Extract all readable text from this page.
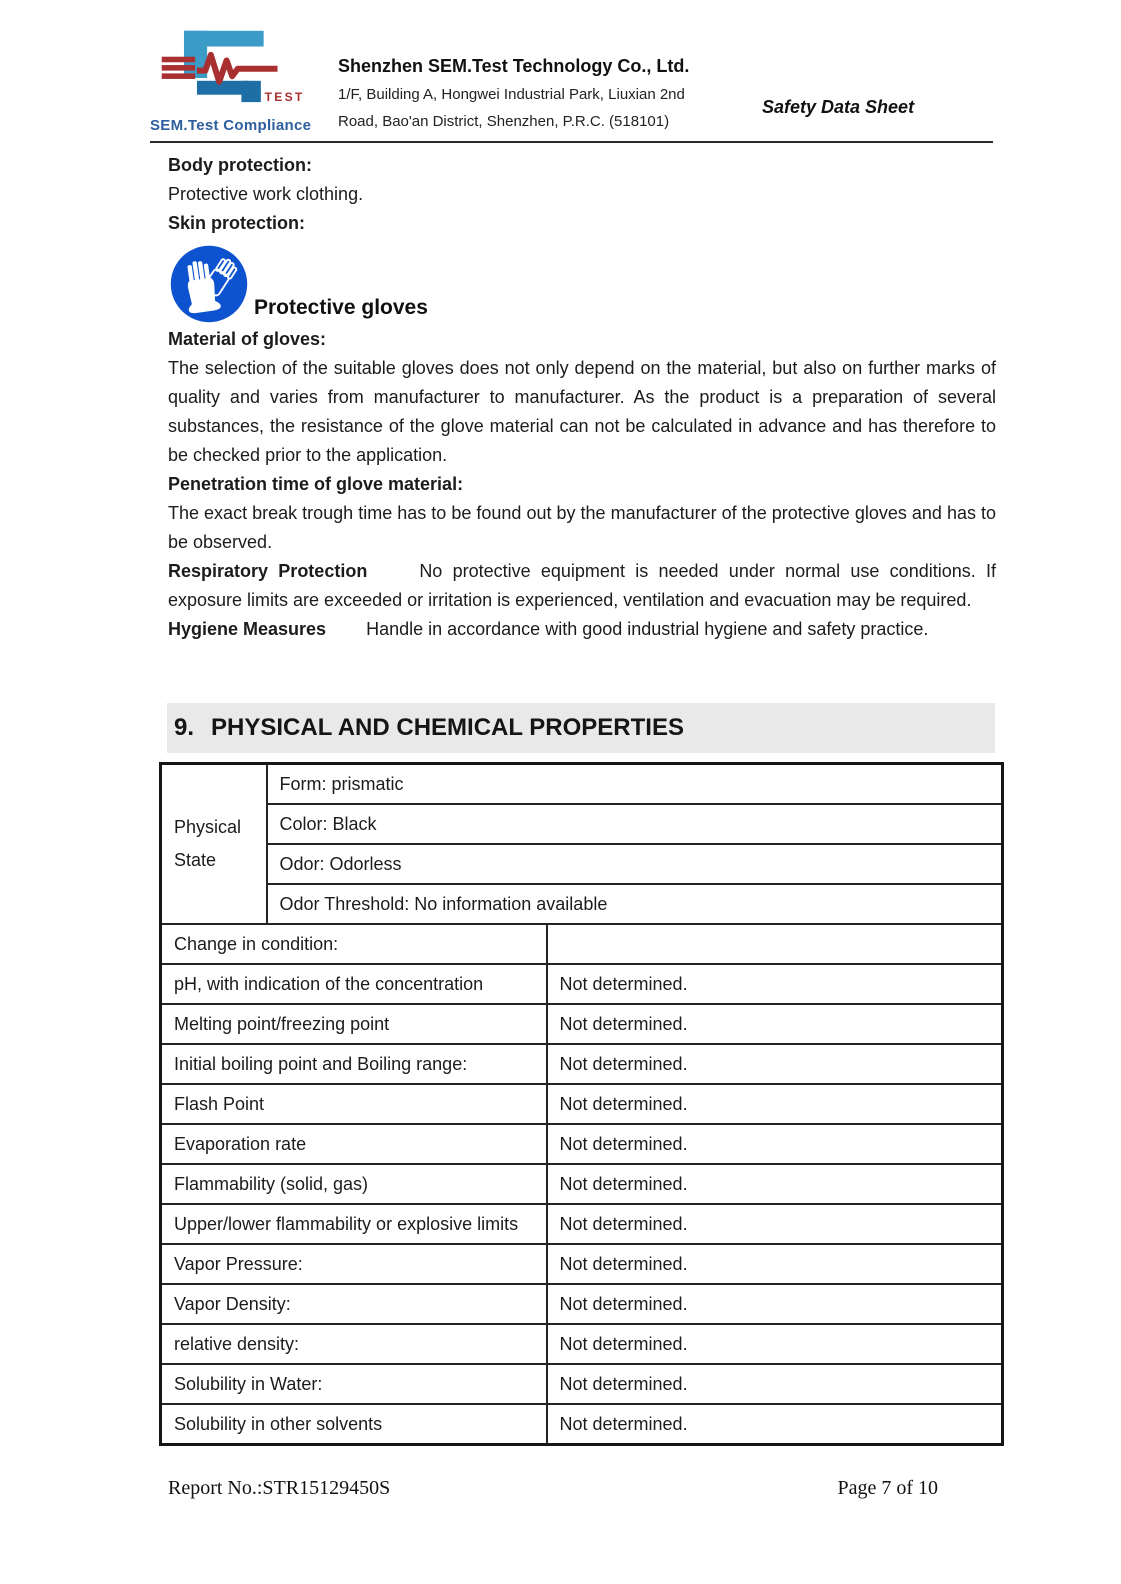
TEST
SEM.Test Compliance
Shenzhen SEM.Test Technology Co., Ltd.
1/F, Building A, Hongwei Industrial Park, Liuxian 2nd
Road, Bao'an District, Shenzhen, P.R.C. (518101)
Safety Data Sheet

Body protection:

Protective work clothing.

Skin protection:

Protective gloves

Material of gloves:

The selection of the suitable gloves does not only depend on the material, but also on further marks of quality and varies from manufacturer to manufacturer. As the product is a preparation of several substances, the resistance of the glove material can not be calculated in advance and has therefore to be checked prior to the application.

Penetration time of glove material:

The exact break trough time has to be found out by the manufacturer of the protective gloves and has to be observed.

Respiratory Protection	No protective equipment is needed under normal use conditions. If exposure limits are exceeded or irritation is experienced, ventilation and evacuation may be required.

Hygiene Measures Handle in accordance with good industrial hygiene and safety practice.

9. PHYSICAL AND CHEMICAL PROPERTIES
Physical State	Form: prismatic	
	Color: Black	
	Odor: Odorless	
	Odor Threshold: No information available	
Change in condition:		
pH, with indication of the concentration		Not determined.
Melting point/freezing point		Not determined.
Initial boiling point and Boiling range:		Not determined.
Flash Point		Not determined.
Evaporation rate		Not determined.
Flammability (solid, gas)		Not determined.
Upper/lower flammability or explosive limits		Not determined.
Vapor Pressure:		Not determined.
Vapor Density:		Not determined.
relative density:		Not determined.
Solubility in Water:		Not determined.
Solubility in other solvents		Not determined.
Report No.:STR15129450S	Page 7 of 10
